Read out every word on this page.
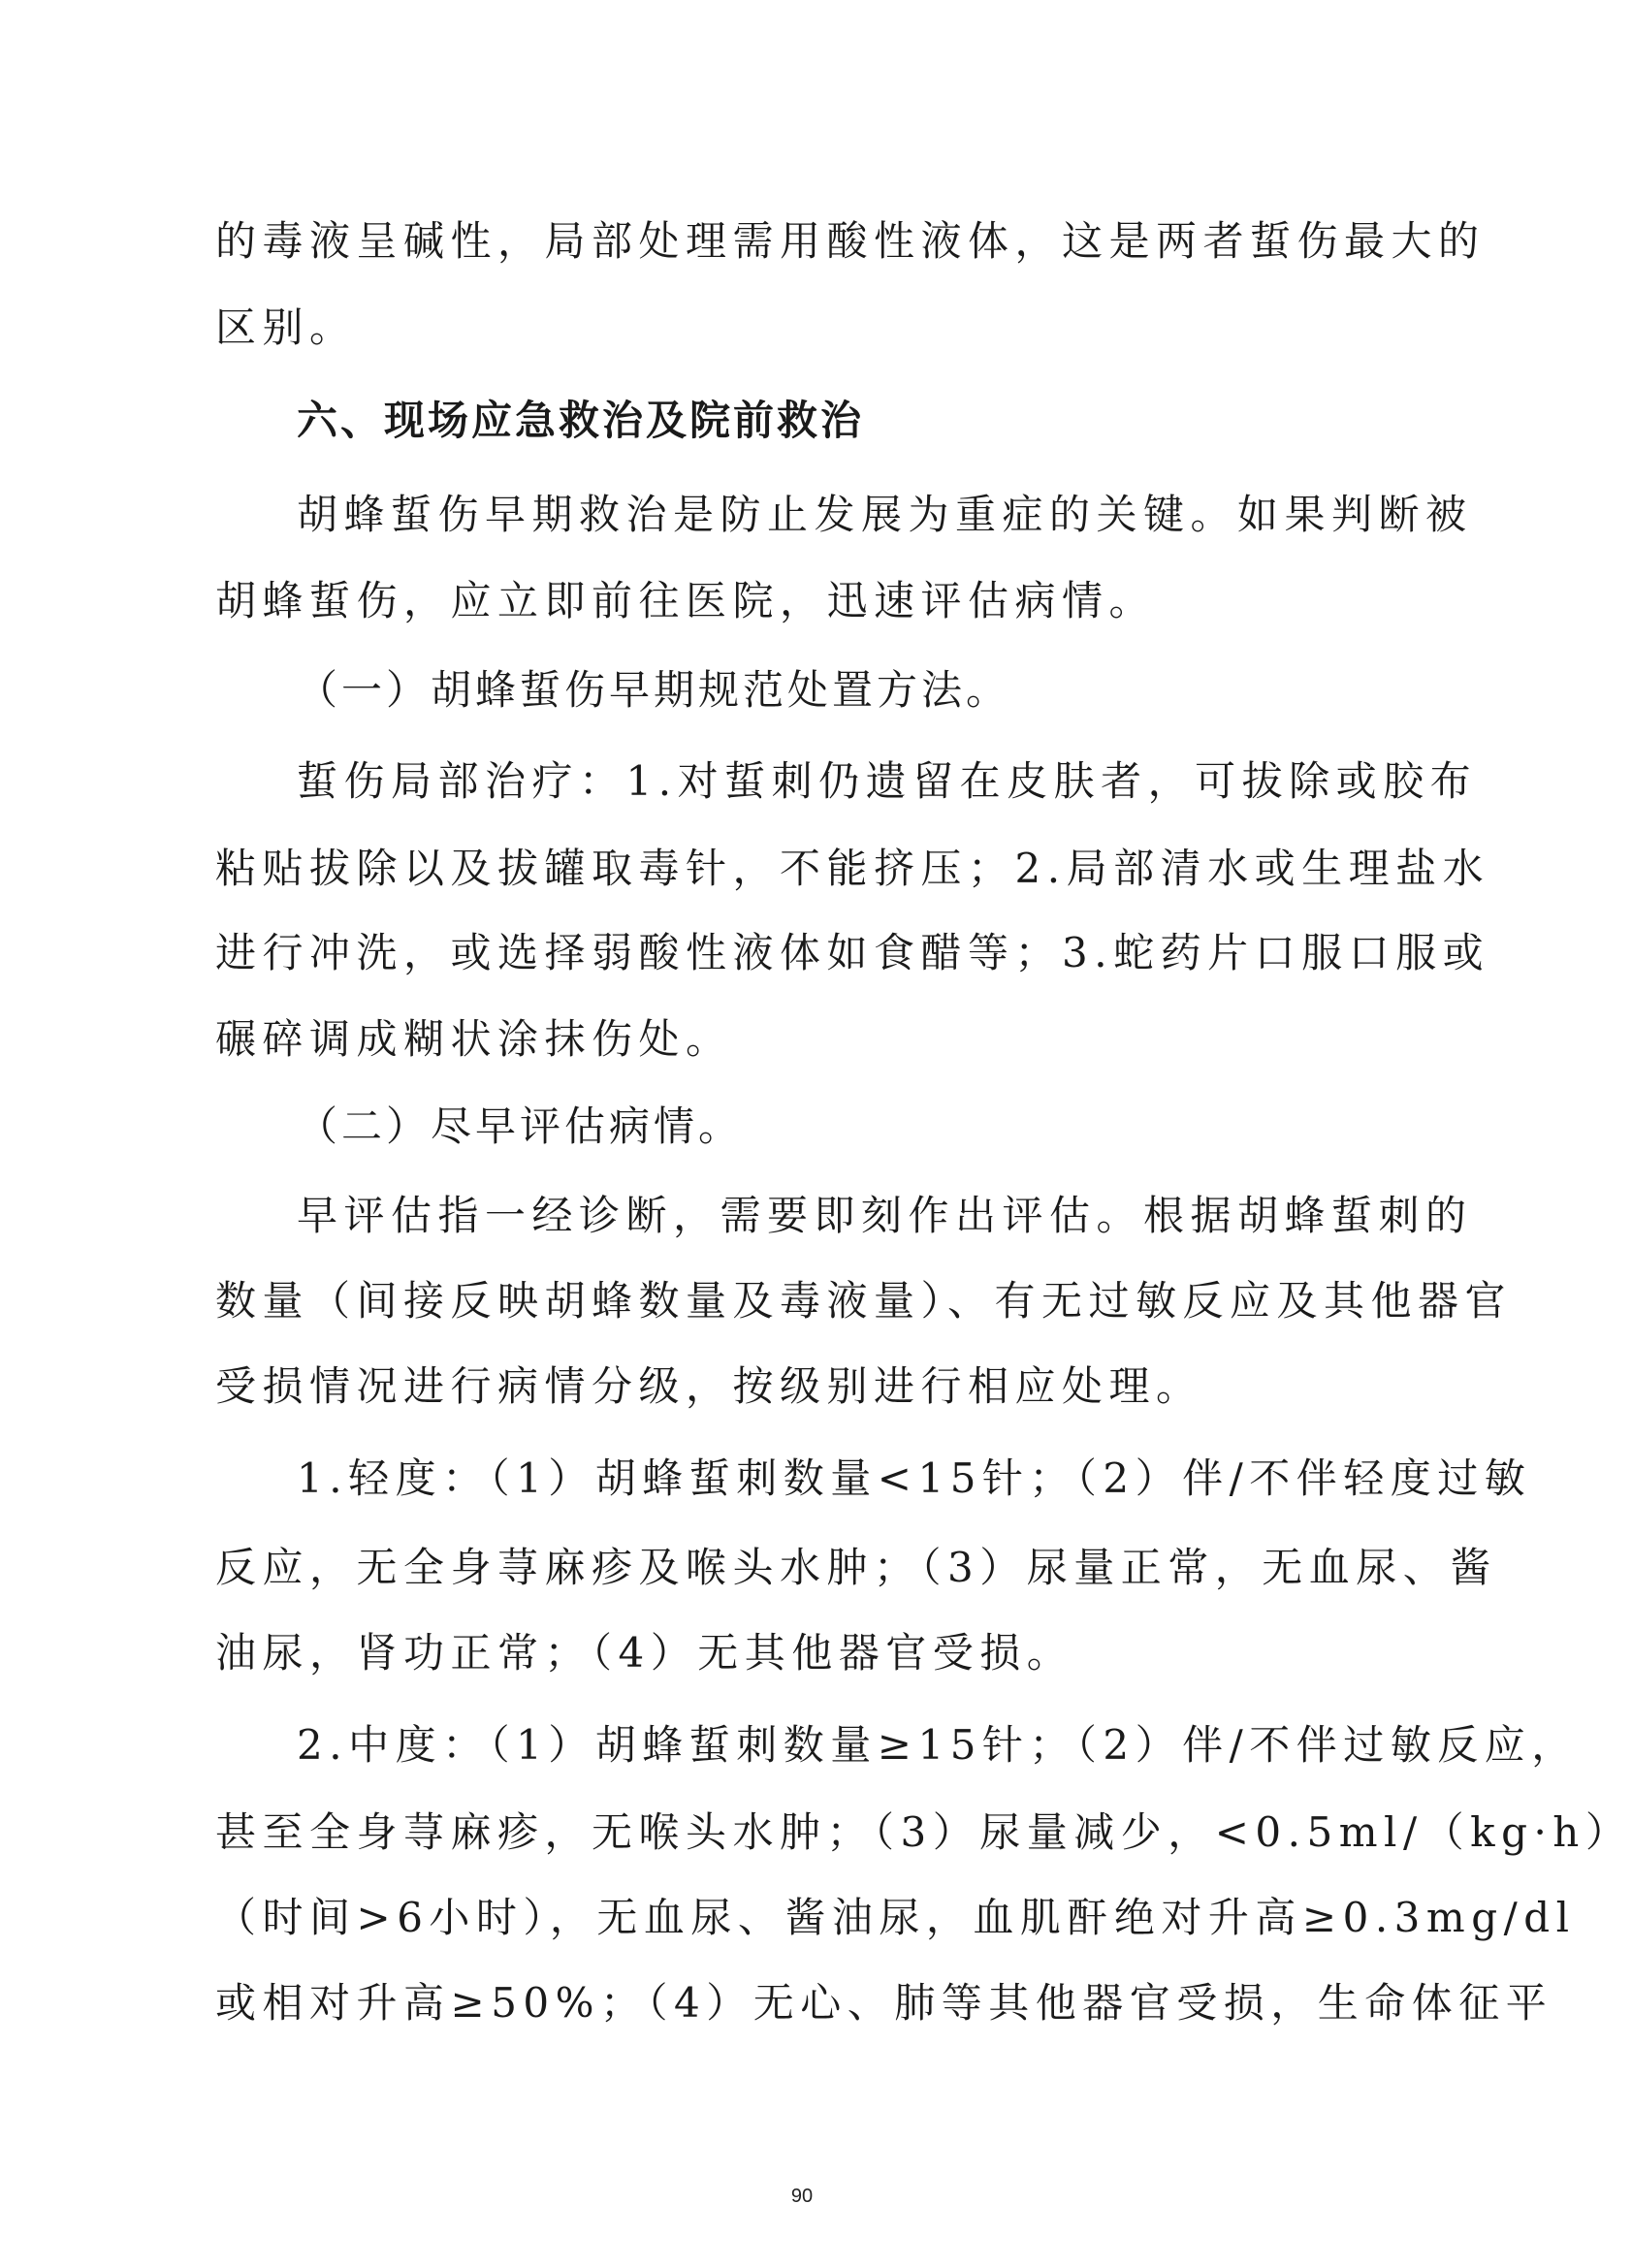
的毒液呈碱性，局部处理需用酸性液体，这是两者蜇伤最大的
区别。
六、现场应急救治及院前救治
胡蜂蜇伤早期救治是防止发展为重症的关键。如果判断被
胡蜂蜇伤，应立即前往医院，迅速评估病情。
（一）胡蜂蜇伤早期规范处置方法。
蜇伤局部治疗：1.对蜇刺仍遗留在皮肤者，可拔除或胶布
粘贴拔除以及拔罐取毒针，不能挤压；2.局部清水或生理盐水
进行冲洗，或选择弱酸性液体如食醋等；3.蛇药片口服口服或
碾碎调成糊状涂抹伤处。
（二）尽早评估病情。
早评估指一经诊断，需要即刻作出评估。根据胡蜂蜇刺的
数量（间接反映胡蜂数量及毒液量）、有无过敏反应及其他器官
受损情况进行病情分级，按级别进行相应处理。
1.轻度：（1）胡蜂蜇刺数量<15针；（2）伴/不伴轻度过敏
反应，无全身荨麻疹及喉头水肿；（3）尿量正常，无血尿、酱
油尿，肾功正常；（4）无其他器官受损。
2.中度：（1）胡蜂蜇刺数量≥15针；（2）伴/不伴过敏反应，
甚至全身荨麻疹，无喉头水肿；（3）尿量减少，<0.5ml/（kg·h）
（时间>6小时），无血尿、酱油尿，血肌酐绝对升高≥0.3mg/dl
或相对升高≥50%；（4）无心、肺等其他器官受损，生命体征平
90
